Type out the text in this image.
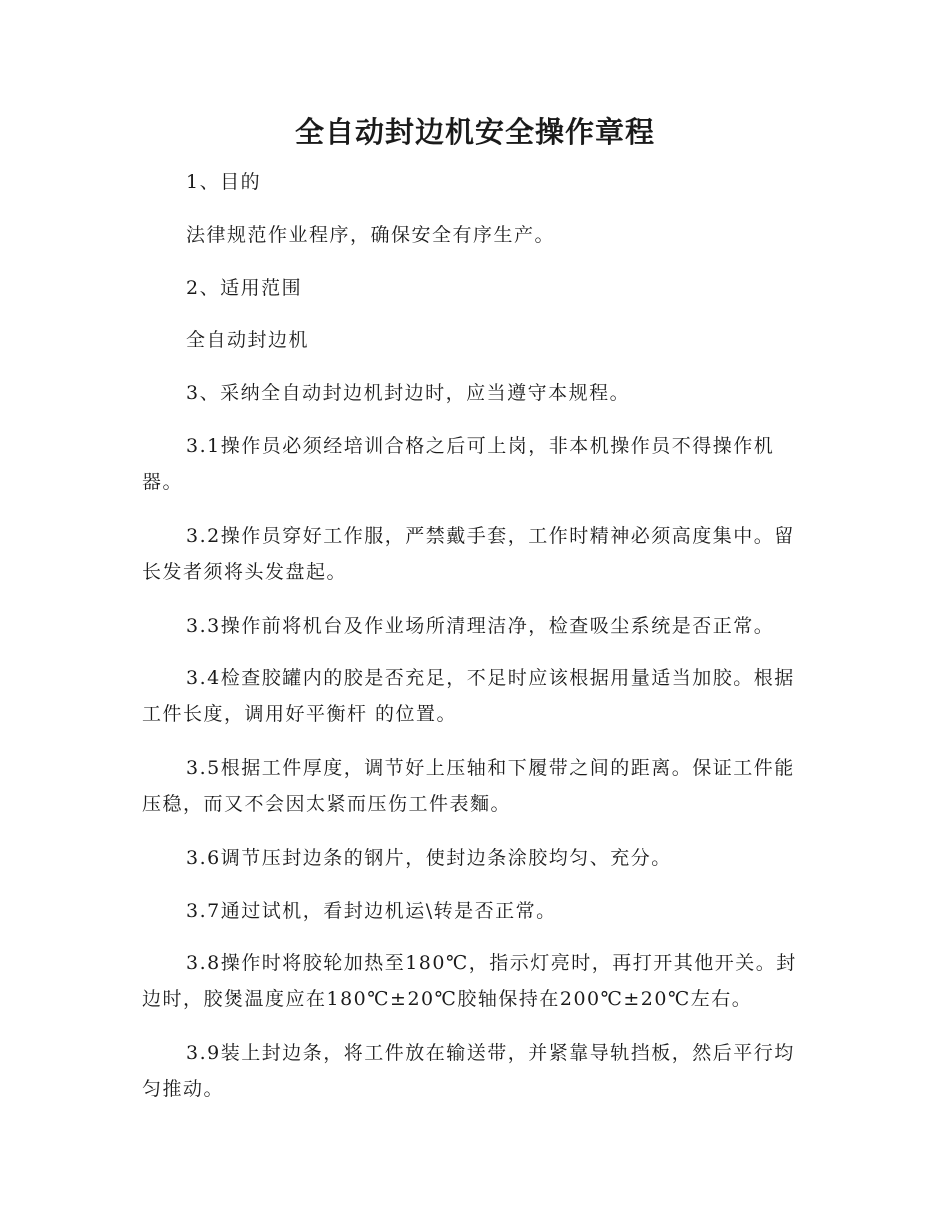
全自动封边机安全操作章程
1、目的
法律规范作业程序，确保安全有序生产。
2、适用范围
全自动封边机
3、采纳全自动封边机封边时，应当遵守本规程。
3.1操作员必须经培训合格之后可上岗，非本机操作员不得操作机器。
3.2操作员穿好工作服，严禁戴手套，工作时精神必须高度集中。留长发者须将头发盘起。
3.3操作前将机台及作业场所清理洁净，检查吸尘系统是否正常。
3.4检查胶罐内的胶是否充足，不足时应该根据用量适当加胶。根据工件长度，调用好平衡杆 的位置。
3.5根据工件厚度，调节好上压轴和下履带之间的距离。保证工件能压稳，而又不会因太紧而压伤工件表麵。
3.6调节压封边条的钢片，使封边条涂胶均匀、充分。
3.7通过试机，看封边机运\转是否正常。
3.8操作时将胶轮加热至180℃，指示灯亮时，再打开其他开关。封边时，胶煲温度应在180℃±20℃胶轴保持在200℃±20℃左右。
3.9装上封边条，将工件放在输送带，并紧靠导轨挡板，然后平行均匀推动。
